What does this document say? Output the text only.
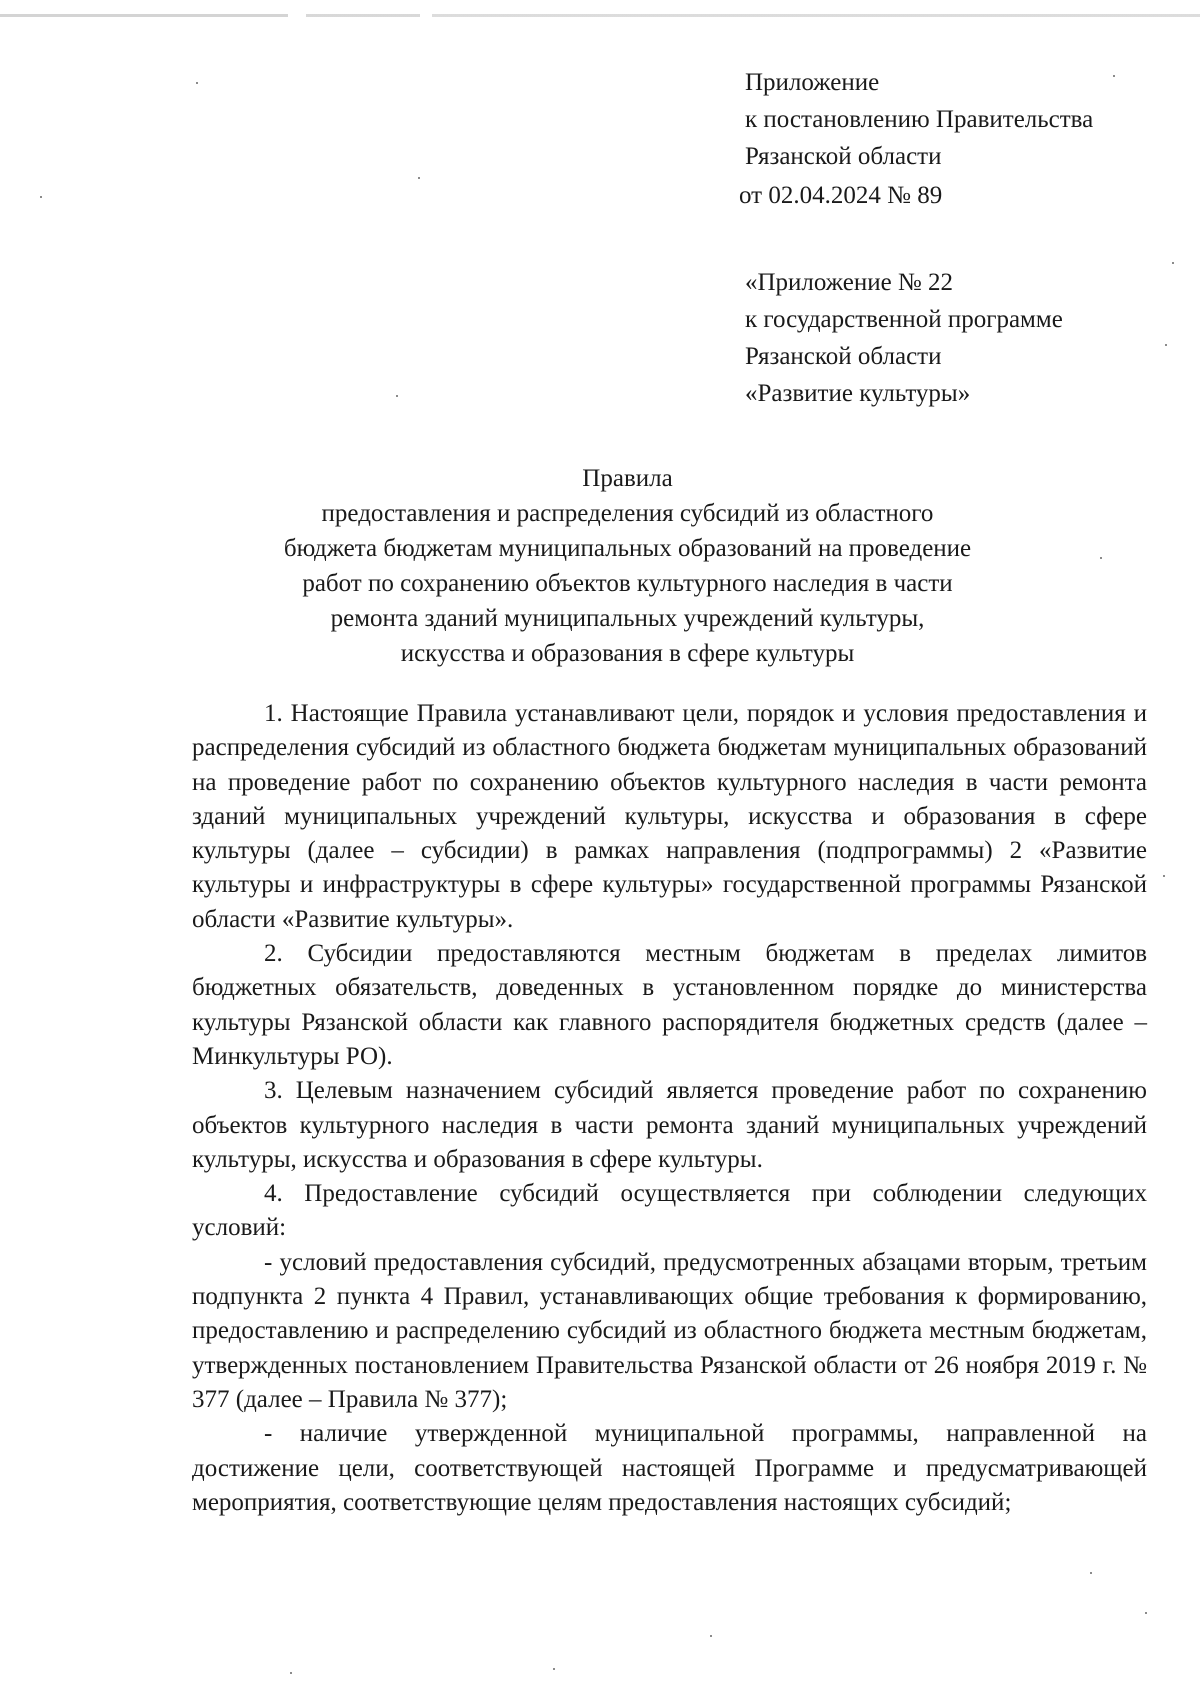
Приложение
к постановлению Правительства
Рязанской области
от 02.04.2024 № 89
«Приложение № 22
к государственной программе
Рязанской области
«Развитие культуры»
Правила
предоставления и распределения субсидий из областного
бюджета бюджетам муниципальных образований на проведение
работ по сохранению объектов культурного наследия в части
ремонта зданий муниципальных учреждений культуры,
искусства и образования в сфере культуры

1. Настоящие Правила устанавливают цели, порядок и условия предоставления и распределения субсидий из областного бюджета бюджетам муниципальных образований на проведение работ по сохранению объектов культурного наследия в части ремонта зданий муниципальных учреждений культуры, искусства и образования в сфере культуры (далее – субсидии) в рамках направления (подпрограммы) 2 «Развитие культуры и инфраструктуры в сфере культуры» государственной программы Рязанской области «Развитие культуры».

2. Субсидии предоставляются местным бюджетам в пределах лимитов бюджетных обязательств, доведенных в установленном порядке до министерства культуры Рязанской области как главного распорядителя бюджетных средств (далее – Минкультуры РО).

3. Целевым назначением субсидий является проведение работ по сохранению объектов культурного наследия в части ремонта зданий муниципальных учреждений культуры, искусства и образования в сфере культуры.

4. Предоставление субсидий осуществляется при соблюдении следующих условий:

- условий предоставления субсидий, предусмотренных абзацами вторым, третьим подпункта 2 пункта 4 Правил, устанавливающих общие требования к формированию, предоставлению и распределению субсидий из областного бюджета местным бюджетам, утвержденных постановлением Правительства Рязанской области от 26 ноября 2019 г. № 377 (далее – Правила № 377);

- наличие утвержденной муниципальной программы, направленной на достижение цели, соответствующей настоящей Программе и предусматривающей мероприятия, соответствующие целям предоставления настоящих субсидий;
